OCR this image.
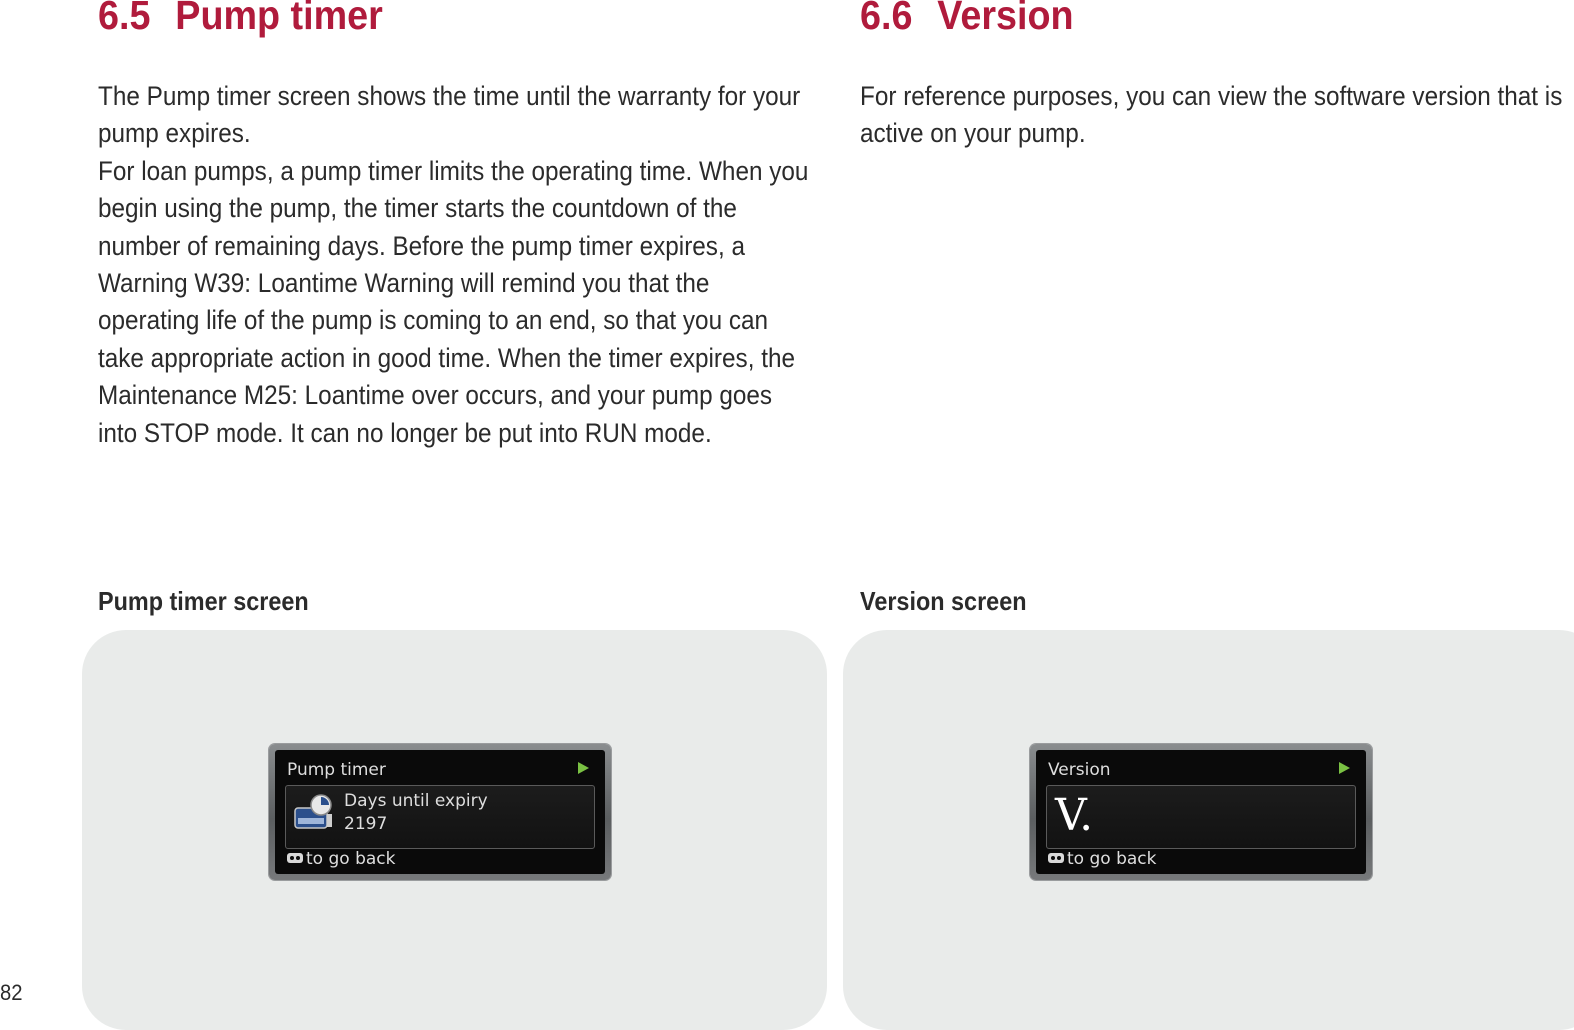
6.5 Pump timer

The Pump timer screen shows the time until the warranty for your pump expires.

For loan pumps, a pump timer limits the operating time. When you begin using the pump, the timer starts the countdown of the number of remaining days. Before the pump timer expires, a Warning W39: Loantime Warning will remind you that the operating life of the pump is coming to an end, so that you can take appropriate action in good time. When the timer expires, the Maintenance M25: Loantime over occurs, and your pump goes into STOP mode. It can no longer be put into RUN mode.

6.6 Version

For reference purposes, you can view the software version that is active on your pump.

Pump timer screen	Version screen
Pump timer
Days until expiry
2197
to go back
Version
V.
to go back
82
